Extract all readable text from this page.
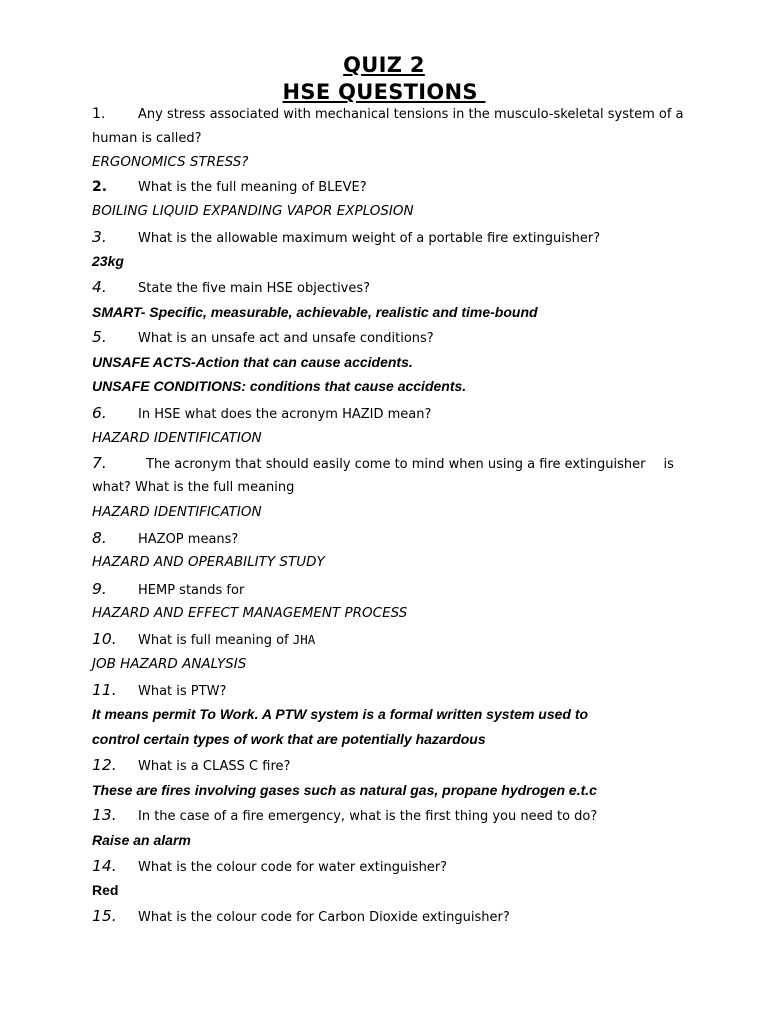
QUIZ 2
HSE QUESTIONS
1.	Any stress associated with mechanical tensions in the musculo-skeletal system of a
human is called?
ERGONOMICS STRESS?
2. What is the full meaning of BLEVE?
BOILING LIQUID EXPANDING VAPOR EXPLOSION
3. What is the allowable maximum weight of a portable fire extinguisher?
23kg
4. State the five main HSE objectives?
SMART- Specific, measurable, achievable, realistic and time-bound
5. What is an unsafe act and unsafe conditions?
UNSAFE ACTS-Action that can cause accidents.
UNSAFE CONDITIONS: conditions that cause accidents.
6. In HSE what does the acronym HAZID mean?
HAZARD IDENTIFICATION
7.	The acronym that should easily come to mind when using a fire extinguisher is
what? What is the full meaning
HAZARD IDENTIFICATION
8. HAZOP means?
HAZARD AND OPERABILITY STUDY
9. HEMP stands for
HAZARD AND EFFECT MANAGEMENT PROCESS
10. What is full meaning of JHA
JOB HAZARD ANALYSIS
11. What is PTW?
It means permit To Work. A PTW system is a formal written system used to
control certain types of work that are potentially hazardous
12. What is a CLASS C fire?
These are fires involving gases such as natural gas, propane hydrogen e.t.c
13. In the case of a fire emergency, what is the first thing you need to do?
Raise an alarm
14. What is the colour code for water extinguisher?
Red
15. What is the colour code for Carbon Dioxide extinguisher?
